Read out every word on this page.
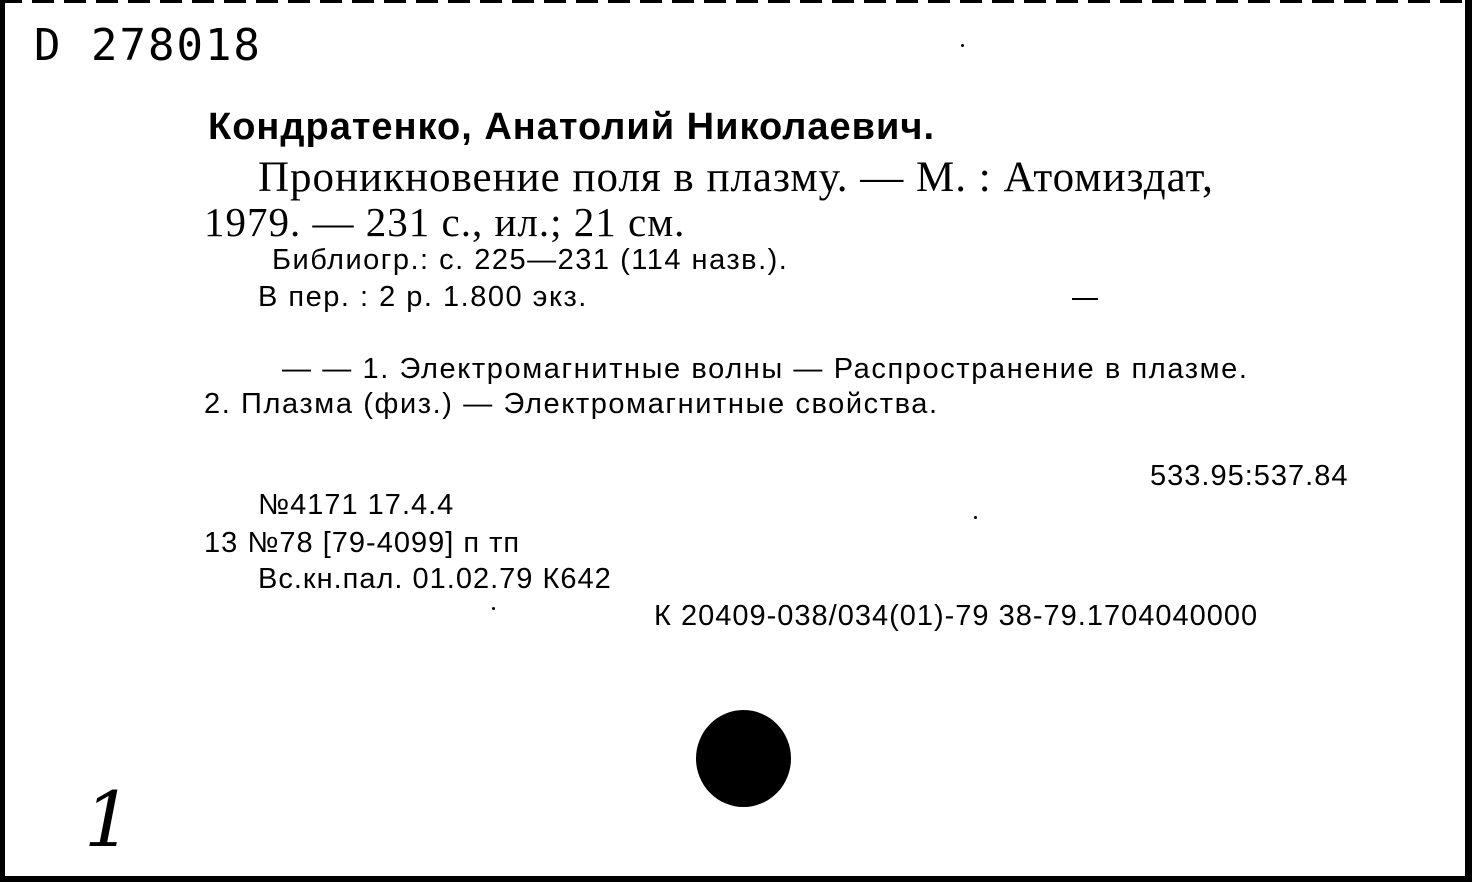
D 278018
Кондратенко, Анатолий Николаевич.
Проникновение поля в плазму. — М. : Атомиздат,
1979. — 231 с., ил.; 21 см.
Библиогр.: с. 225—231 (114 назв.).
В пер. : 2 р. 1.800 экз.
— — 1. Электромагнитные волны — Распространение в плазме.
2. Плазма (физ.) — Электромагнитные свойства.
533.95:537.84
№4171 17.4.4
13 №78 [79-4099] п тп
Вс.кн.пал. 01.02.79 К642
К 20409-038/034(01)-79 38-79.1704040000
1
